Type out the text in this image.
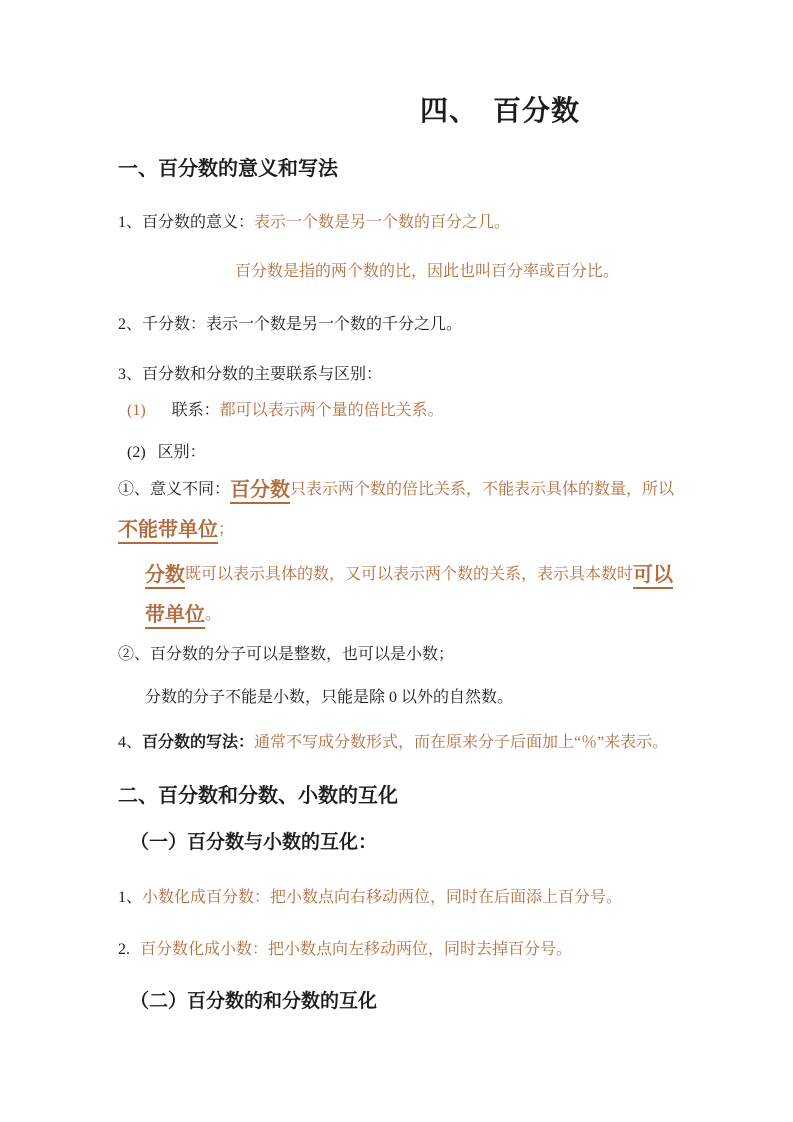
四、　百分数
一、百分数的意义和写法
1、百分数的意义：表示一个数是另一个数的百分之几。
百分数是指的两个数的比，因此也叫百分率或百分比。
2、千分数：表示一个数是另一个数的千分之几。
3、百分数和分数的主要联系与区别：
(1) 联系：都可以表示两个量的倍比关系。
(2) 区别：
①、意义不同：百分数只表示两个数的倍比关系，不能表示具体的数量，所以
不能带单位；
分数既可以表示具体的数，又可以表示两个数的关系，表示具本数时可以
带单位。
②、百分数的分子可以是整数，也可以是小数；
分数的分子不能是小数，只能是除 0 以外的自然数。
4、百分数的写法：通常不写成分数形式，而在原来分子后面加上“％”来表示。
二、百分数和分数、小数的互化
（一）百分数与小数的互化：
1、小数化成百分数：把小数点向右移动两位，同时在后面添上百分号。
2. 百分数化成小数：把小数点向左移动两位，同时去掉百分号。
（二）百分数的和分数的互化
